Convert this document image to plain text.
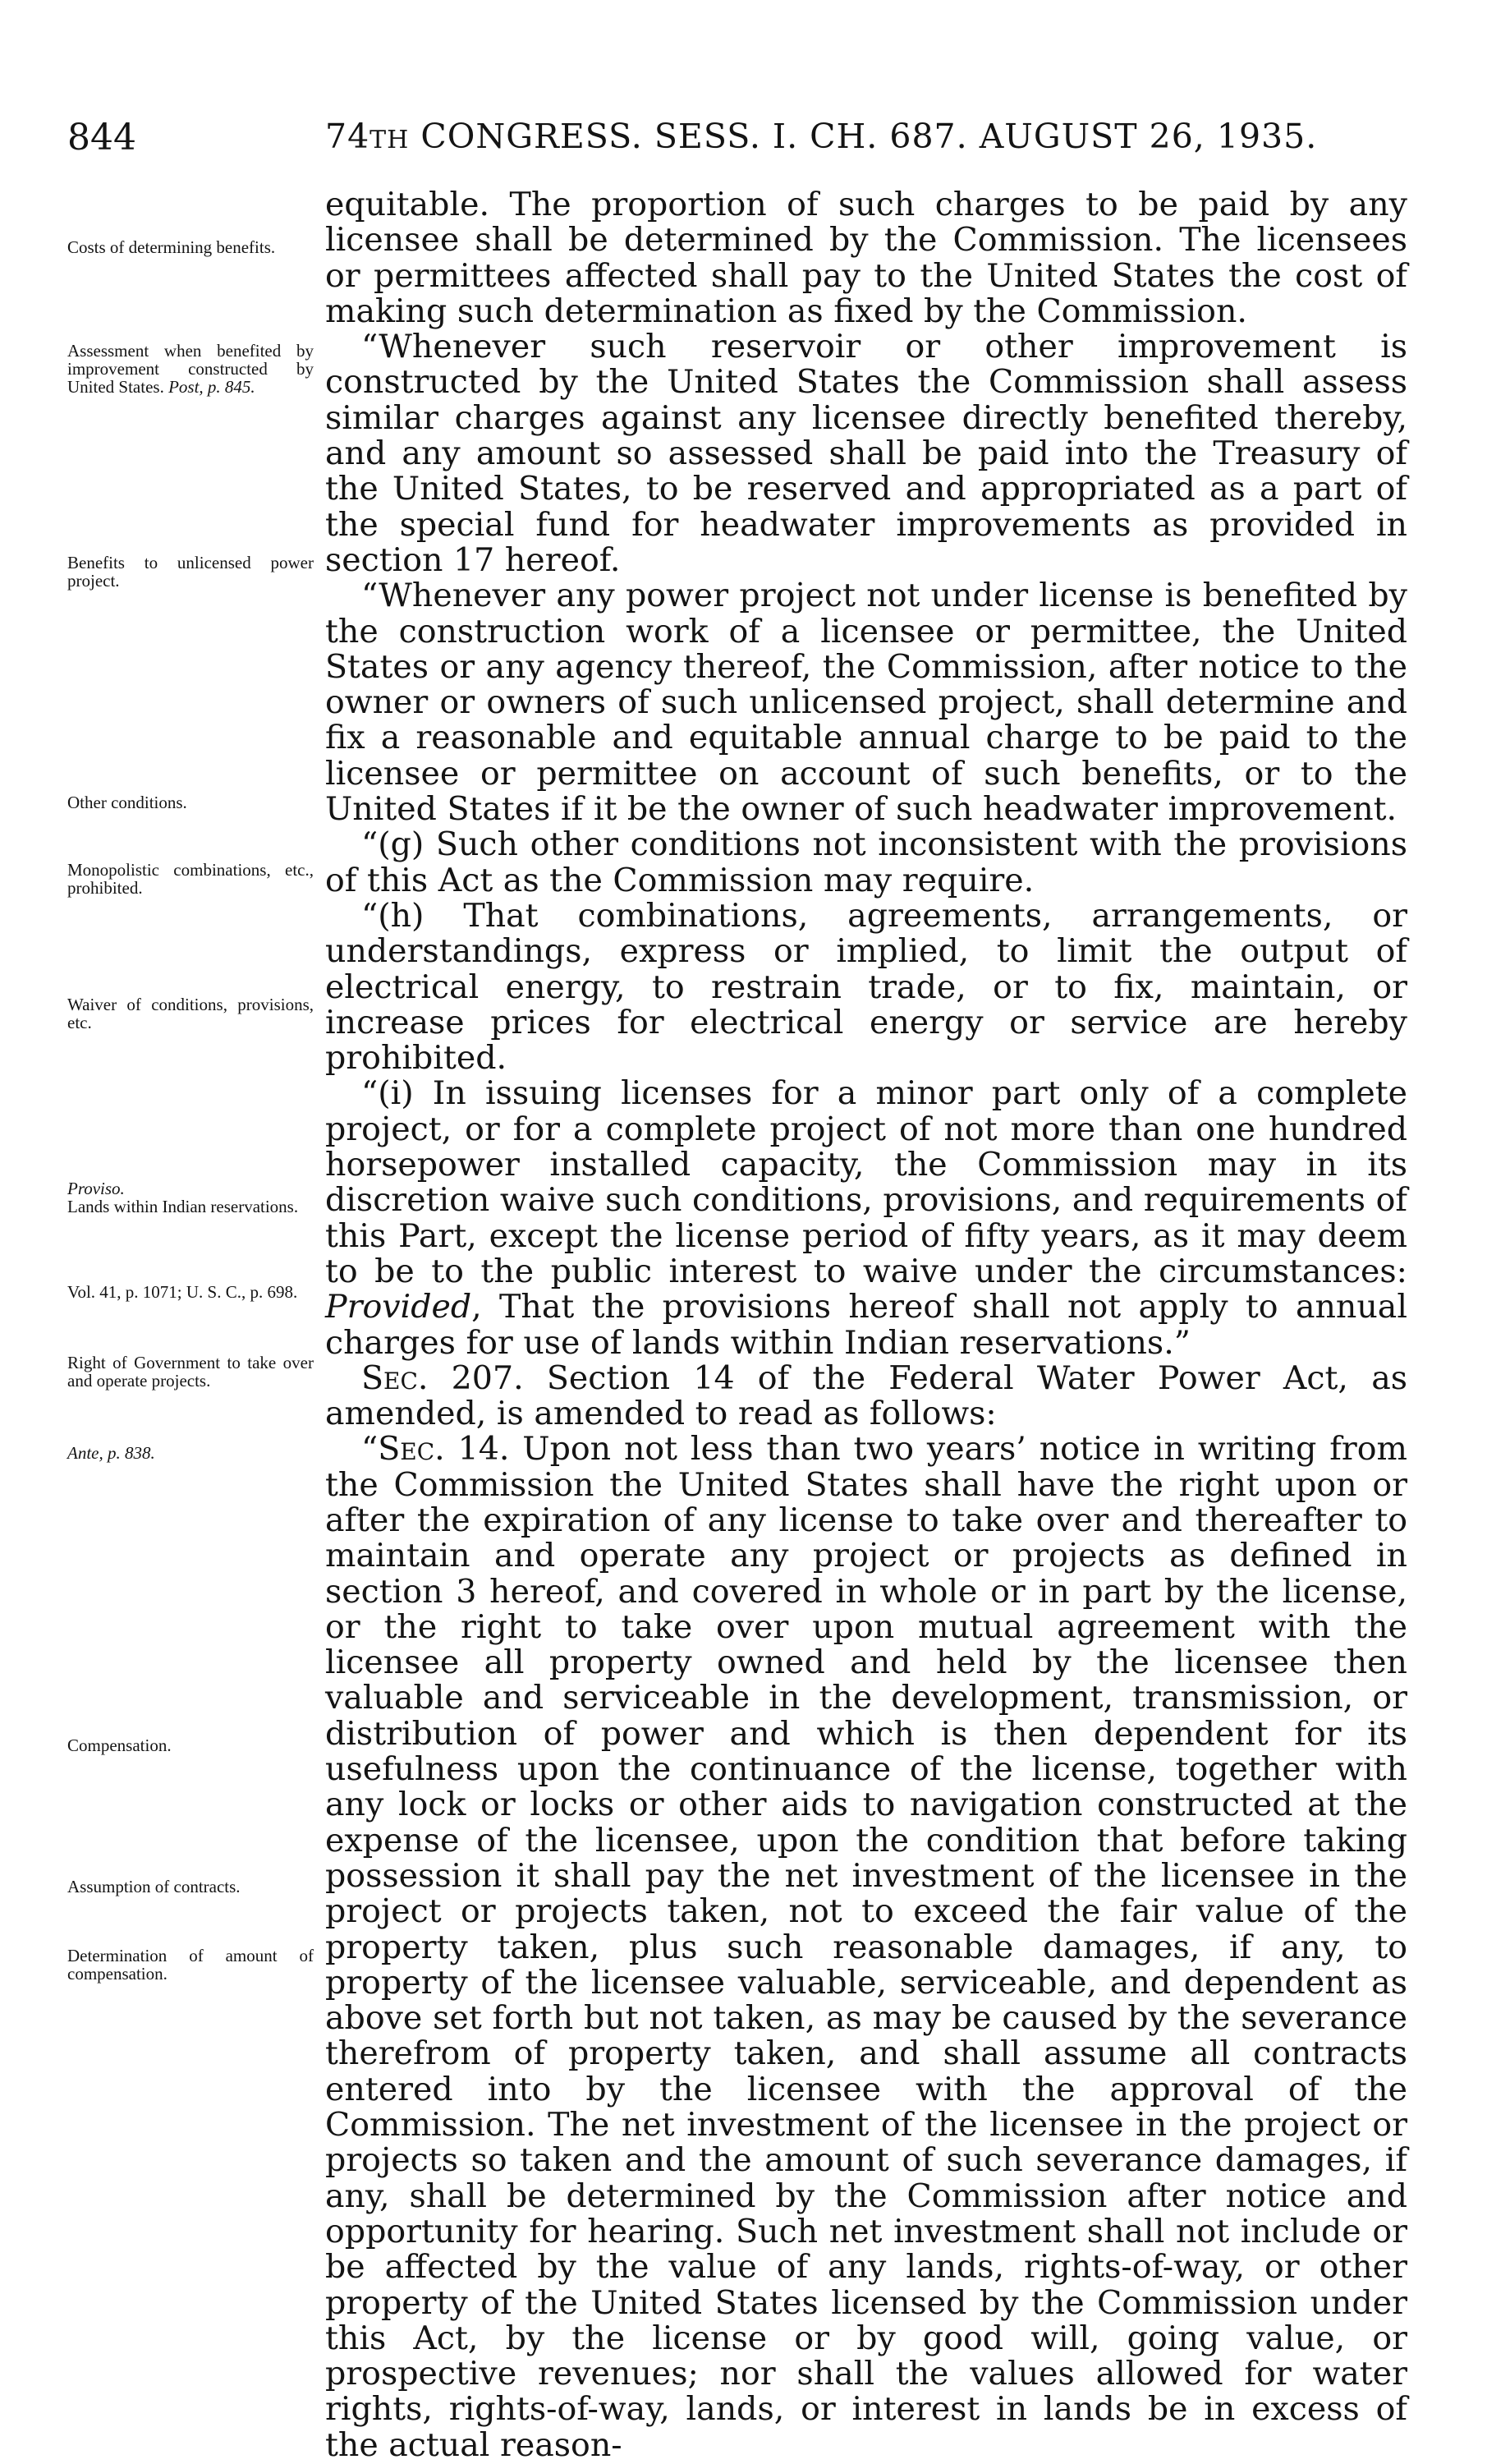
844	74TH CONGRESS. SESS. I. CH. 687. AUGUST 26, 1935.
Costs of determining benefits.
Assessment when benefited by improvement constructed by United States. Post, p. 845.
Benefits to unlicensed power project.
Other conditions.
Monopolistic combinations, etc., prohibited.
Waiver of conditions, provisions, etc.
Proviso.
Lands within Indian reservations.
Vol. 41, p. 1071; U. S. C., p. 698.
Right of Government to take over and operate projects.
Ante, p. 838.
Compensation.
Assumption of contracts.
Determination of amount of compensation.

equitable. The proportion of such charges to be paid by any licensee shall be determined by the Commission. The licensees or permittees affected shall pay to the United States the cost of making such determination as fixed by the Commission.

“Whenever such reservoir or other improvement is constructed by the United States the Commission shall assess similar charges against any licensee directly benefited thereby, and any amount so assessed shall be paid into the Treasury of the United States, to be reserved and appropriated as a part of the special fund for headwater improvements as provided in section 17 hereof.

“Whenever any power project not under license is benefited by the construction work of a licensee or permittee, the United States or any agency thereof, the Commission, after notice to the owner or owners of such unlicensed project, shall determine and fix a reasonable and equitable annual charge to be paid to the licensee or permittee on account of such benefits, or to the United States if it be the owner of such headwater improvement.

“(g) Such other conditions not inconsistent with the provisions of this Act as the Commission may require.

“(h) That combinations, agreements, arrangements, or understandings, express or implied, to limit the output of electrical energy, to restrain trade, or to fix, maintain, or increase prices for electrical energy or service are hereby prohibited.

“(i) In issuing licenses for a minor part only of a complete project, or for a complete project of not more than one hundred horsepower installed capacity, the Commission may in its discretion waive such conditions, provisions, and requirements of this Part, except the license period of fifty years, as it may deem to be to the public interest to waive under the circumstances: Provided, That the provisions hereof shall not apply to annual charges for use of lands within Indian reservations.”

Sec. 207. Section 14 of the Federal Water Power Act, as amended, is amended to read as follows:

“Sec. 14. Upon not less than two years’ notice in writing from the Commission the United States shall have the right upon or after the expiration of any license to take over and thereafter to maintain and operate any project or projects as defined in section 3 hereof, and covered in whole or in part by the license, or the right to take over upon mutual agreement with the licensee all property owned and held by the licensee then valuable and serviceable in the development, transmission, or distribution of power and which is then dependent for its usefulness upon the continuance of the license, together with any lock or locks or other aids to navigation constructed at the expense of the licensee, upon the condition that before taking possession it shall pay the net investment of the licensee in the project or projects taken, not to exceed the fair value of the property taken, plus such reasonable damages, if any, to property of the licensee valuable, serviceable, and dependent as above set forth but not taken, as may be caused by the severance therefrom of property taken, and shall assume all contracts entered into by the licensee with the approval of the Commission. The net investment of the licensee in the project or projects so taken and the amount of such severance damages, if any, shall be determined by the Commission after notice and opportunity for hearing. Such net investment shall not include or be affected by the value of any lands, rights-of-way, or other property of the United States licensed by the Commission under this Act, by the license or by good will, going value, or prospective revenues; nor shall the values allowed for water rights, rights-of-way, lands, or interest in lands be in excess of the actual reason-
